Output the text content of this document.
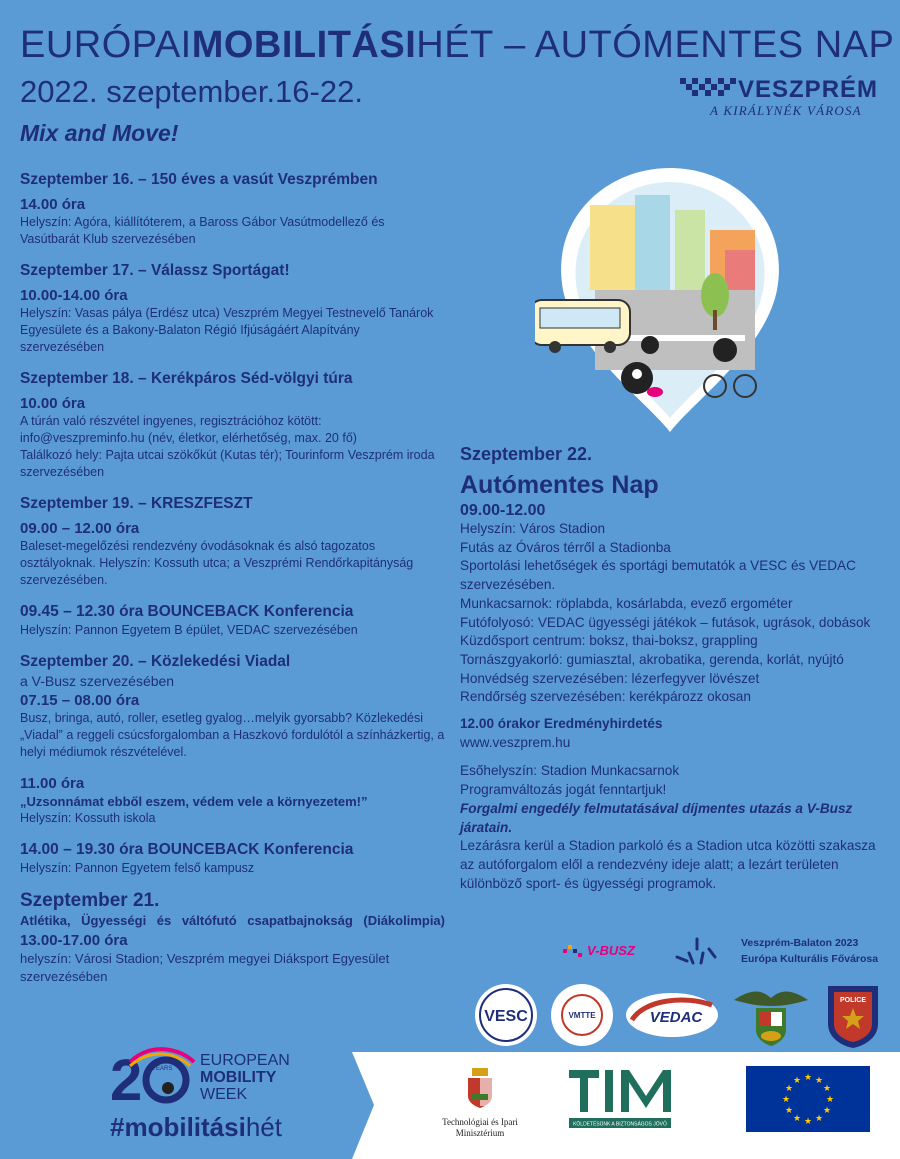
EURÓPAIMOBILITÁSIHÉT – AUTÓMENTES NAP
2022. szeptember.16-22.
Mix and Move!
VESZPRÉM
A KIRÁLYNÉK VÁROSA
Szeptember 16. – 150 éves a vasút Veszprémben
14.00 óra
Helyszín: Agóra, kiállítóterem, a Baross Gábor Vasútmodellező és Vasútbarát Klub szervezésében
Szeptember 17. – Válassz Sportágat!
10.00-14.00 óra
Helyszín: Vasas pálya (Erdész utca) Veszprém Megyei Testnevelő Tanárok Egyesülete és a Bakony-Balaton Régió Ifjúságáért Alapítvány szervezésében
Szeptember 18. – Kerékpáros Séd-völgyi túra
10.00 óra
A túrán való részvétel ingyenes, regisztrációhoz kötött: info@veszpreminfo.hu (név, életkor, elérhetőség, max. 20 fő)
Találkozó hely: Pajta utcai szökőkút (Kutas tér); Tourinform Veszprém iroda szervezésében
Szeptember 19. – KRESZFESZT
09.00 – 12.00 óra
Baleset-megelőzési rendezvény óvodásoknak és alsó tagozatos osztályoknak. Helyszín: Kossuth utca; a Veszprémi Rendőrkapitányság szervezésében.
09.45 – 12.30 óra BOUNCEBACK Konferencia
Helyszín: Pannon Egyetem B épület, VEDAC szervezésében
Szeptember 20. – Közlekedési Viadal
a V-Busz szervezésében
07.15 – 08.00 óra
Busz, bringa, autó, roller, esetleg gyalog…melyik gyorsabb? Közlekedési „Viadal” a reggeli csúcsforgalomban a Haszkovó fordulótól a színházkertig, a helyi médiumok részvételével.
11.00 óra
„Uzsonnámat ebből eszem, védem vele a környezetem!”
Helyszín: Kossuth iskola
14.00 – 19.30 óra BOUNCEBACK Konferencia
Helyszín: Pannon Egyetem felső kampusz
Szeptember 21.
Atlétika, Ügyességi és váltófutó csapatbajnokság (Diákolimpia)
13.00-17.00 óra
helyszín: Városi Stadion; Veszprém megyei Diáksport Egyesület szervezésében
Szeptember 22.
Autómentes Nap
09.00-12.00
Helyszín: Város Stadion
Futás az Óváros térről a Stadionba
Sportolási lehetőségek és sportági bemutatók a VESC és VEDAC szervezésében.
Munkacsarnok: röplabda, kosárlabda, evező ergométer
Futófolyosó: VEDAC ügyességi játékok – futások, ugrások, dobások
Küzdősport centrum: boksz, thai-boksz, grappling
Tornászgyakorló: gumiasztal, akrobatika, gerenda, korlát, nyújtó
Honvédség szervezésében: lézerfegyver lövészet
Rendőrség szervezésében: kerékpározz okosan
12.00 órakor Eredményhirdetés
www.veszprem.hu
Esőhelyszín: Stadion Munkacsarnok
Programváltozás jogát fenntartjuk!
Forgalmi engedély felmutatásával díjmentes utazás a V-Busz járatain.
Lezárásra kerül a Stadion parkoló és a Stadion utca közötti szakasza az autóforgalom elől a rendezvény ideje alatt; a lezárt területen különböző sport- és ügyességi programok.
V-BUSZ	Veszprém-Balaton 2023
Európa Kulturális Fővárosa
VESC	VMTTE	VEDAC
POLICE
2 YEARS EUROPEAN
MOBILITY
WEEK
#mobilitásihét	Technológiai és Ipari
Minisztérium
KÖLDETÉSÜNK A BIZTONSÁGOS JÖVŐ
★ ★
★
★
★
★
★
★
★
★
★
★
